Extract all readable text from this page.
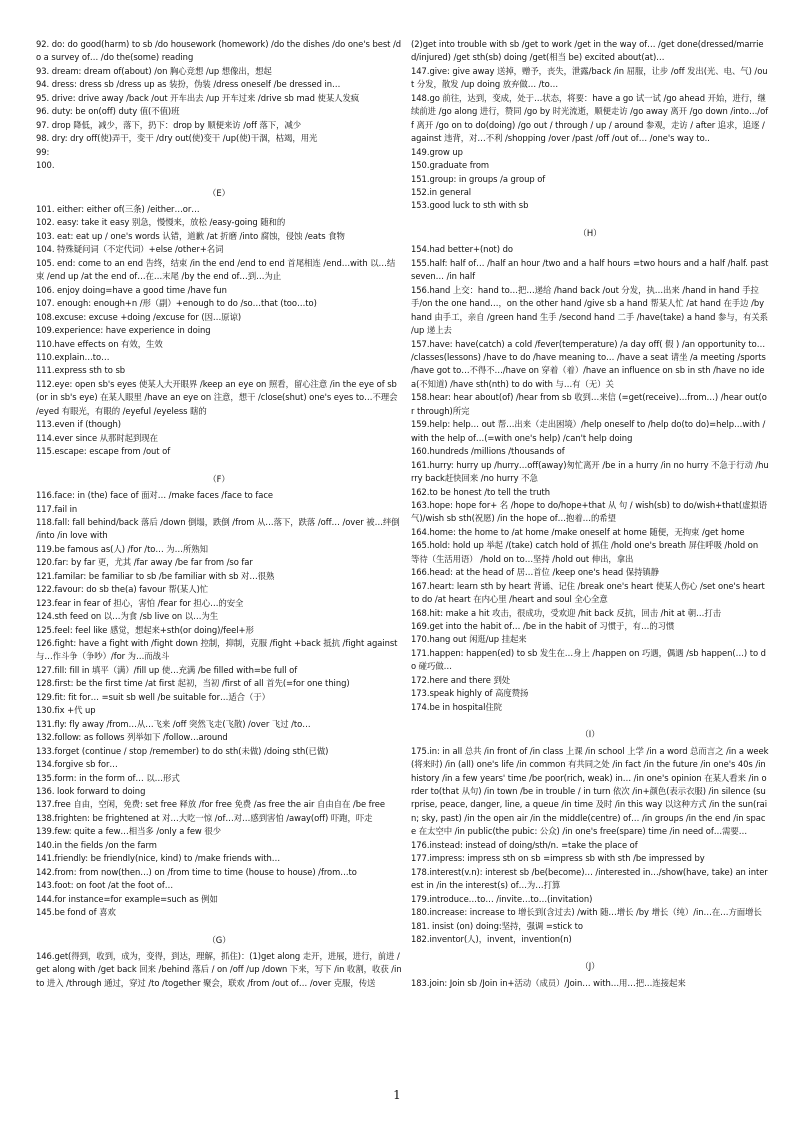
92. do: do good(harm) to sb /do housework (homework) /do the dishes /do one's best /do a survey of… /do the(some) reading
93. dream: dream of(about) /on 胸心竞想 /up 想像出，想起
94. dress: dress sb /dress up as 装扮，伪装 /dress oneself /be dressed in…
95. drive: drive away /back /out 开车出去 /up 开车过来 /drive sb mad 使某人发疯
96. duty: be on(off) duty 值(不值)班
97. drop 降低，减少，落下，扔下：drop by 顺便来访 /off 落下，减少
98. dry: dry off(使)弄干，变干 /dry out(使)变干 /up(使)干涸，枯竭，用光
99:
100.
（E）
101. either: either of(三条) /either…or…
102. easy: take it easy 别急，慢慢来，放松 /easy-going 随和的
103. eat: eat up / one's words 认错，道歉 /at 折磨 /into 腐蚀，侵蚀 /eats 食物
104. 特殊疑问词（不定代词）+else /other+名词
105. end: come to an end 告终，结束 /in the end /end to end 首尾相连 /end…with 以…结束 /end up /at the end of…在…末尾 /by the end of…到…为止
106. enjoy doing=have a good time /have fun
107. enough: enough+n /形（副）+enough to do /so…that (too…to)
108.excuse: excuse +doing /excuse for (因…原谅)
109.experience: have experience in doing
110.have effects on 有效，生效
110.explain…to…
111.express sth to sb
112.eye: open sb's eyes 使某人大开眼界 /keep an eye on 照看，留心注意 /in the eye of sb (or in sb's eye) 在某人眼里 /have an eye on 注意，想干 /close(shut) one's eyes to…不理会 /eyed 有眼光，有眼的 /eyeful /eyeless 瞎的
113.even if (though)
114.ever since 从那时起到现在
115.escape: escape from /out of
（F）
116.face: in (the) face of 面对… /make faces /face to face
117.fail in
118.fall: fall behind/back 落后 /down 倒塌，跌倒 /from 从…落下，跌落 /off… /over 被…绊倒 /into /in love with
119.be famous as(人) /for /to… 为…所熟知
120.far: by far 更，尤其 /far away /be far from /so far
121.familar: be familiar to sb /be familiar with sb 对…很熟
122.favour: do sb the(a) favour 帮(某人)忙
123.fear in fear of 担心，害怕 /fear for 担心…的安全
124.sth feed on 以…为食 /sb live on 以…为生
125.feel: feel like 感觉，想起来+sth(or doing)/feel+形
126.fight: have a fight with /fight down 控制，抑制，克服 /fight +back 抵抗 /fight against 与…作斗争（争吵）/for 为…而战斗
127.fill: fill in 填平（满）/fill up 使…充满 /be filled with=be full of
128.first: be the first time /at first 起初，当初 /first of all 首先(=for one thing)
129.fit: fit for… =suit sb well /be suitable for…适合（于）
130.fix +代 up
131.fly: fly away /from…从…飞来 /off 突然飞走(飞散) /over 飞过 /to…
132.follow: as follows 列举如下 /follow…around
133.forget (continue / stop /remember) to do sth(未做) /doing sth(已做)
134.forgive sb for…
135.form: in the form of… 以…形式
136. look forward to doing
137.free 自由，空闲，免费: set free 释放 /for free 免费 /as free the air 自由自在 /be free
138.frighten: be frightened at 对…大吃一惊 /of…对…感到害怕 /away(off) 吓跑，吓走
139.few: quite a few…相当多 /only a few 很少
140.in the fields /on the farm
141.friendly: be friendly(nice, kind) to /make friends with…
142.from: from now(then…) on /from time to time (house to house) /from…to
143.foot: on foot /at the foot of…
144.for instance=for example=such as 例如
145.be fond of 喜欢
（G）
146.get(得到，收到，成为，变得，到达，理解，抓住)：(1)get along 走开，进展，进行，前进 /get along with /get back 回来 /behind 落后 / on /off /up /down 下来，写下 /in 收割，收获 /into 进入 /through 通过，穿过 /to /together 聚会，联欢 /from /out of… /over 克服，传送
(2)get into trouble with sb /get to work /get in the way of… /get done(dressed/married/injured) /get sth(sb) doing /get(相当 be) excited about(at)…
147.give: give away 送掉，赠予，丧失，泄露/back /in 屈服，让步 /off 发出(光、电、气) /out 分发，散发 /up doing 放弃做… /to…
148.go 前往，达到，变成，处于…状态，将要：have a go 试一试 /go ahead 开始，进行，继续前进 /go along 进行，赞同 /go by 时光流逝，顺便走访 /go away 离开 /go down /into…/off 离开 /go on to do(doing) /go out / through / up / around 参观，走访 / after 追求，追逐 /against 违背，对…不利 /shopping /over /past /off /out of… /one's way to..
149.grow up
150.graduate from
151.group: in groups /a group of
152.in general
153.good luck to sth with sb
（H）
154.had better+(not) do
155.half: half of… /half an hour /two and a half hours =two hours and a half /half. past seven… /in half
156.hand 上交：hand to…把…递给 /hand back /out 分发，执…出来 /hand in hand 手拉手/on the one hand…，on the other hand /give sb a hand 帮某人忙 /at hand 在手边 /by hand 由手工，亲自 /green hand 生手 /second hand 二手 /have(take) a hand 参与，有关系 /up 递上去
157.have: have(catch) a cold /fever(temperature) /a day off( 假 ) /an opportunity to… /classes(lessons) /have to do /have meaning to… /have a seat 请坐 /a meeting /sports /have got to…不得不…/have on 穿着（着）/have an influence on sb in sth /have no idea(不知道) /have sth(nth) to do with 与…有（无）关
158.hear: hear about(of) /hear from sb 收到…来信 (=get(receive)…from…) /hear out(or through)所完
159.help: help… out 帮…出来（走出困境）/help oneself to /help do(to do)=help…with /with the help of…(=with one's help) /can't help doing
160.hundreds /millions /thousands of
161.hurry: hurry up /hurry…off(away)匆忙离开 /be in a hurry /in no hurry 不急于行动 /hurry back赶快回来 /no hurry 不急
162.to be honest /to tell the truth
163.hope: hope for+ 名 /hope to do/hope+that 从 句 / wish(sb) to do/wish+that(虚拟语气)/wish sb sth(祝愿) /in the hope of…抱着…的希望
164.home: the home to /at home /make oneself at home 随便，无拘束 /get home
165.hold: hold up 举起 /(take) catch hold of 抓住 /hold one's breath 屏住呼吸 /hold on 等待（生活用语） /hold on to…坚持 /hold out 伸出，拿出
166.head: at the head of 居…首位 /keep one's head 保持镇静
167.heart: learn sth by heart 背诵、记住 /break one's heart 使某人伤心 /set one's heart to do /at heart 在内心里 /heart and soul 全心全意
168.hit: make a hit 攻击，很成功，受欢迎 /hit back 反抗，回击 /hit at 朝…打击
169.get into the habit of… /be in the habit of 习惯于，有…的习惯
170.hang out 闲逛/up 挂起来
171.happen: happen(ed) to sb 发生在…身上 /happen on 巧遇，偶遇 /sb happen(…) to do 碰巧做…
172.here and there 到处
173.speak highly of 高度赞扬
174.be in hospital住院
（I）
175.in: in all 总共 /in front of /in class 上课 /in school 上学 /in a word 总而言之 /in a week(将来时) /in (all) one's life /in common 有共同之处 /in fact /in the future /in one's 40s /in history /in a few years' time /be poor(rich, weak) in… /in one's opinion 在某人看来 /in order to(that 从句) /in town /be in trouble / in turn 依次 /in+颜色(表示衣服) /in silence (surprise, peace, danger, line, a queue /in time 及时 /in this way 以这种方式 /in the sun(rain; sky, past) /in the open air /in the middle(centre) of… /in groups /in the end /in space 在太空中 /in public(the pubic: 公众) /in one's free(spare) time /in need of…需要…
176.instead: instead of doing/sth/n. =take the place of
177.impress: impress sth on sb =impress sb with sth /be impressed by
178.interest(v.n): interest sb /be(become)… /interested in…/show(have, take) an interest in /in the interest(s) of…为…打算
179.introduce…to… /invite…to…(invitation)
180.increase: increase to 增长到(含过去) /with 随…增长 /by 增长（纯）/in…在…方面增长
181. insist (on) doing:坚持，强调 =stick to
182.inventor(人)，invent，invention(n)
（J）
183.join: Join sb /Join in+活动（成员）/Join… with…用…把…连接起来
1
